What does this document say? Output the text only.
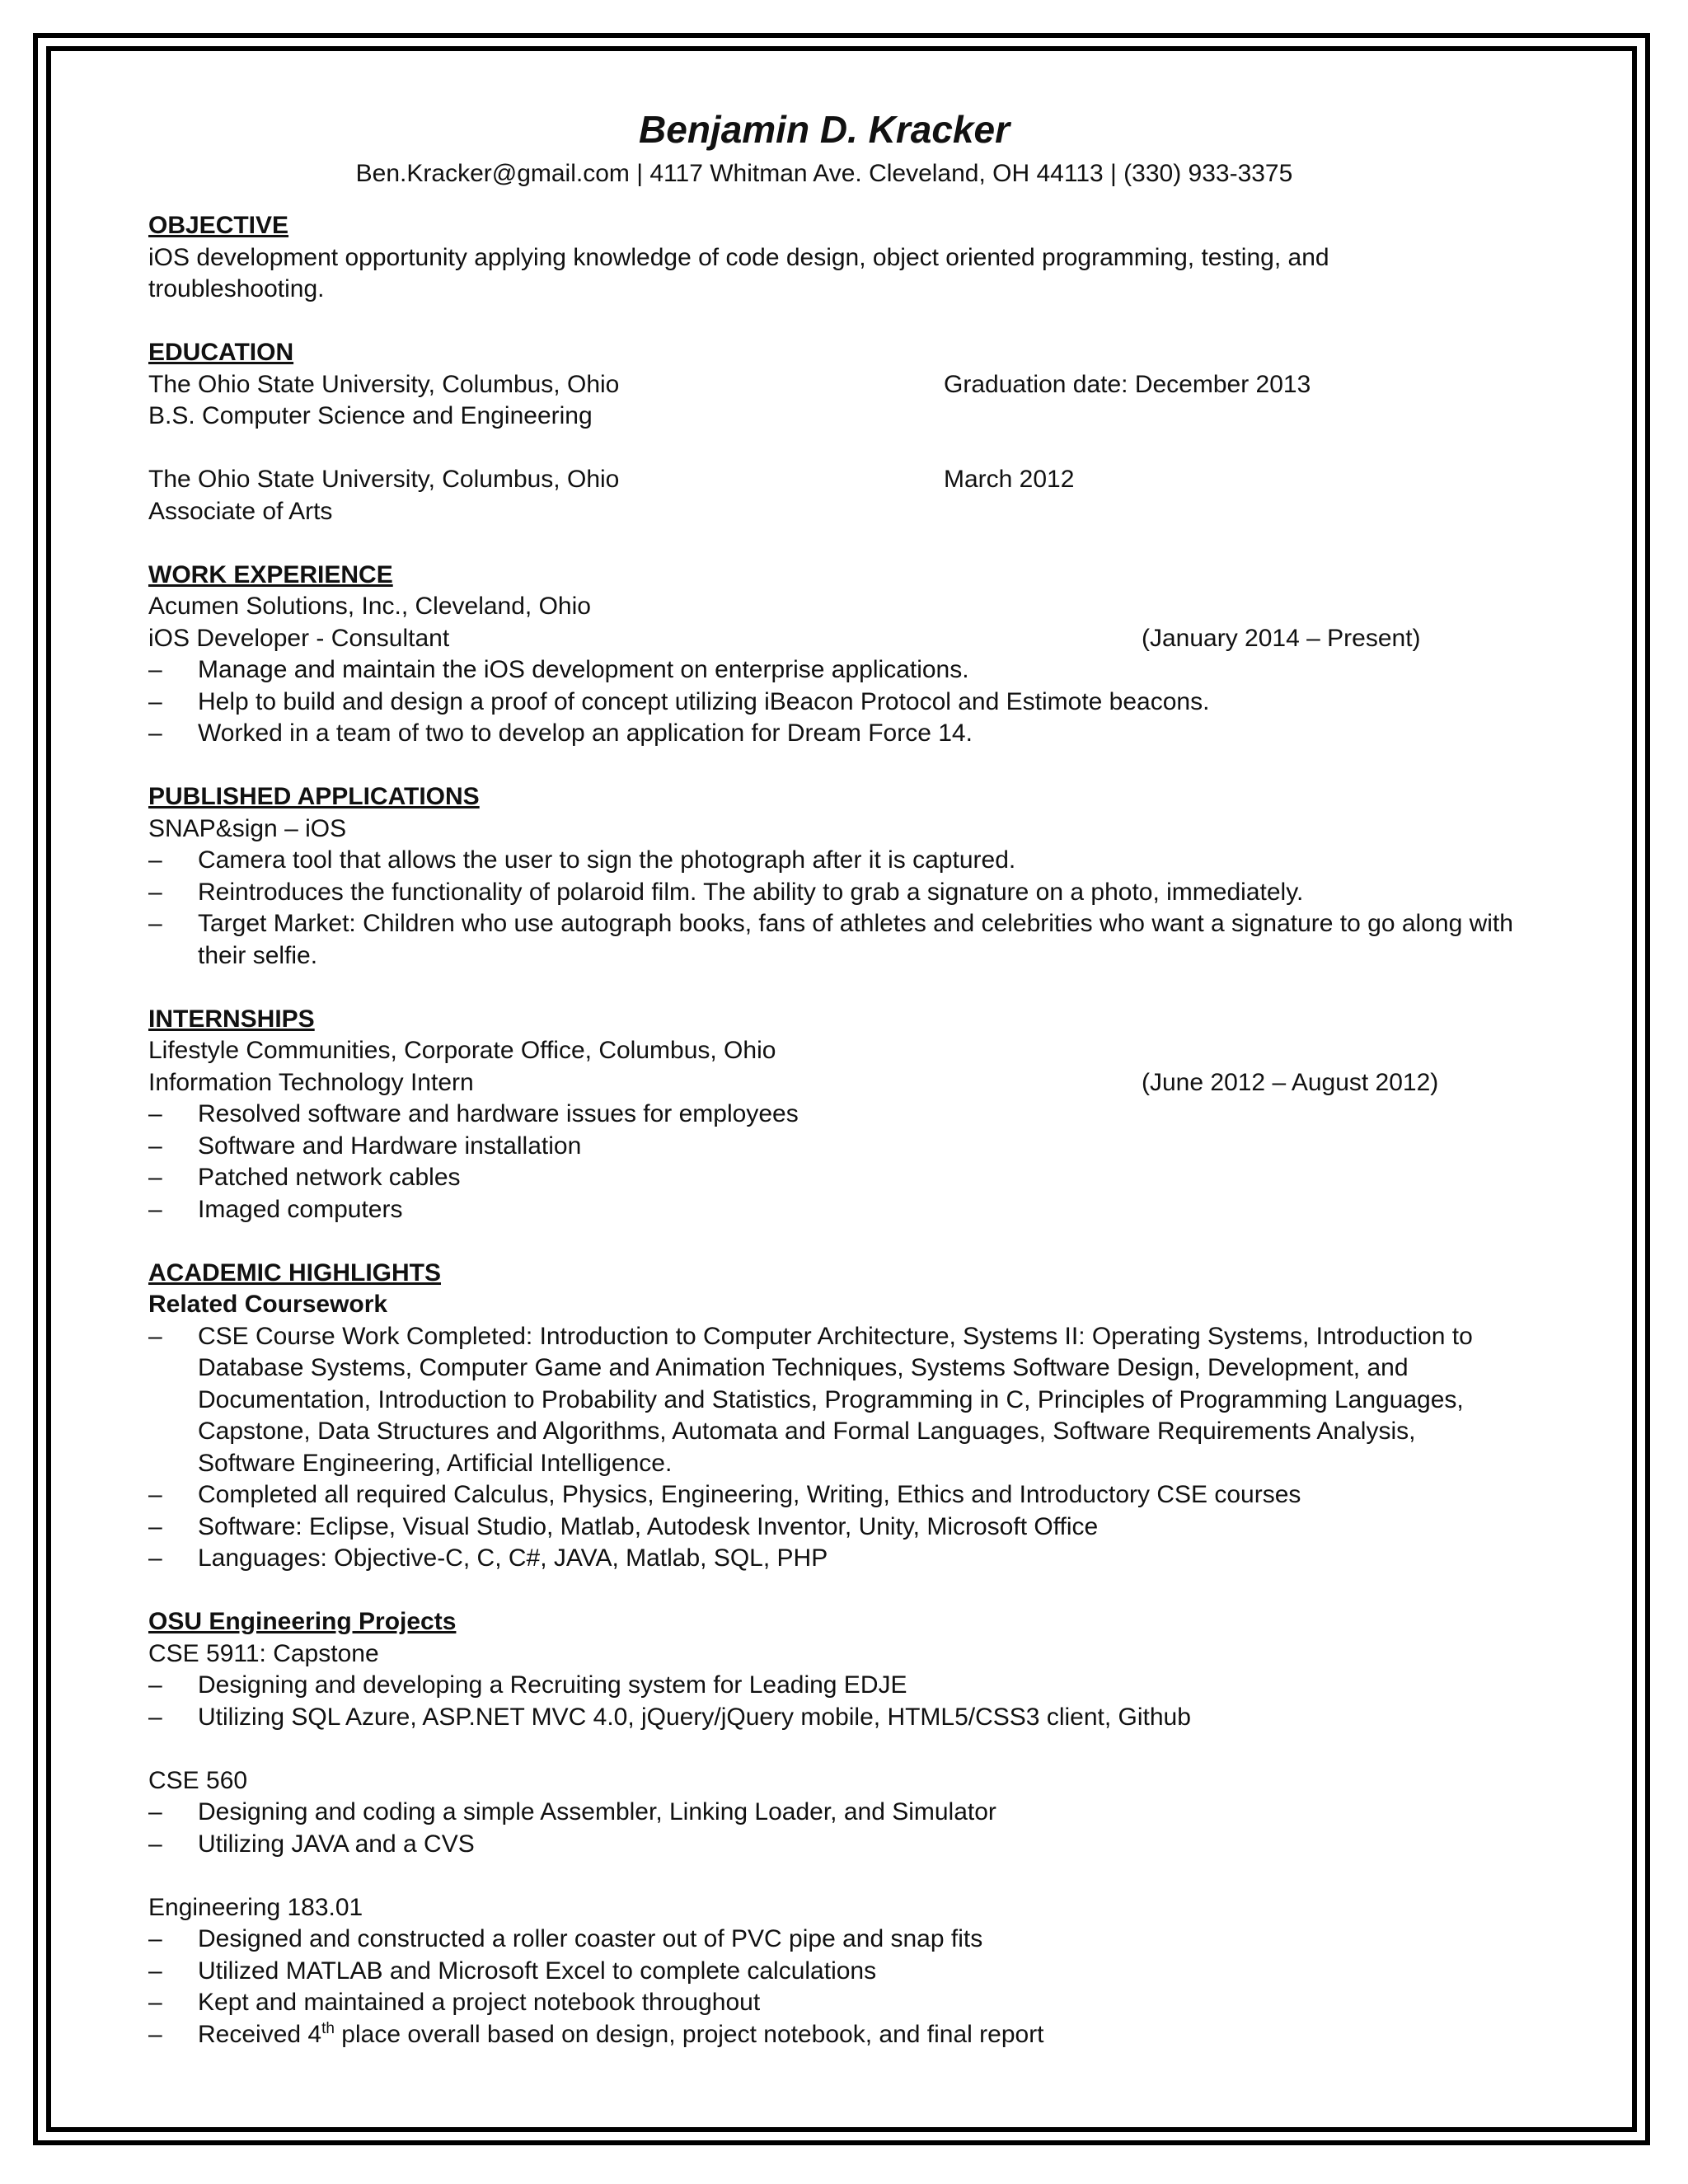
Benjamin D. Kracker
Ben.Kracker@gmail.com | 4117 Whitman Ave. Cleveland, OH 44113 | (330) 933-3375
OBJECTIVE
iOS development opportunity applying knowledge of code design, object oriented programming, testing, and
troubleshooting.
EDUCATION
The Ohio State University, Columbus, Ohio	Graduation date: December 2013
B.S. Computer Science and Engineering
The Ohio State University, Columbus, Ohio	March 2012
Associate of Arts
WORK EXPERIENCE
Acumen Solutions, Inc., Cleveland, Ohio
iOS Developer - Consultant	(January 2014 – Present)
– Manage and maintain the iOS development on enterprise applications.
– Help to build and design a proof of concept utilizing iBeacon Protocol and Estimote beacons.
– Worked in a team of two to develop an application for Dream Force 14.
PUBLISHED APPLICATIONS
SNAP&sign – iOS
– Camera tool that allows the user to sign the photograph after it is captured.
– Reintroduces the functionality of polaroid film. The ability to grab a signature on a photo, immediately.
– Target Market: Children who use autograph books, fans of athletes and celebrities who want a signature to go along with their selfie.
INTERNSHIPS
Lifestyle Communities, Corporate Office, Columbus, Ohio
Information Technology Intern	(June 2012 – August 2012)
– Resolved software and hardware issues for employees
– Software and Hardware installation
– Patched network cables
– Imaged computers
ACADEMIC HIGHLIGHTS
Related Coursework
– CSE Course Work Completed: Introduction to Computer Architecture, Systems II: Operating Systems, Introduction to Database Systems, Computer Game and Animation Techniques, Systems Software Design, Development, and Documentation, Introduction to Probability and Statistics, Programming in C, Principles of Programming Languages, Capstone, Data Structures and Algorithms, Automata and Formal Languages, Software Requirements Analysis, Software Engineering, Artificial Intelligence.
– Completed all required Calculus, Physics, Engineering, Writing, Ethics and Introductory CSE courses
– Software: Eclipse, Visual Studio, Matlab, Autodesk Inventor, Unity, Microsoft Office
– Languages: Objective-C, C, C#, JAVA, Matlab, SQL, PHP
OSU Engineering Projects
CSE 5911: Capstone
– Designing and developing a Recruiting system for Leading EDJE
– Utilizing SQL Azure, ASP.NET MVC 4.0, jQuery/jQuery mobile, HTML5/CSS3 client, Github
CSE 560
– Designing and coding a simple Assembler, Linking Loader, and Simulator
– Utilizing JAVA and a CVS
Engineering 183.01
– Designed and constructed a roller coaster out of PVC pipe and snap fits
– Utilized MATLAB and Microsoft Excel to complete calculations
– Kept and maintained a project notebook throughout
– Received 4th place overall based on design, project notebook, and final report
